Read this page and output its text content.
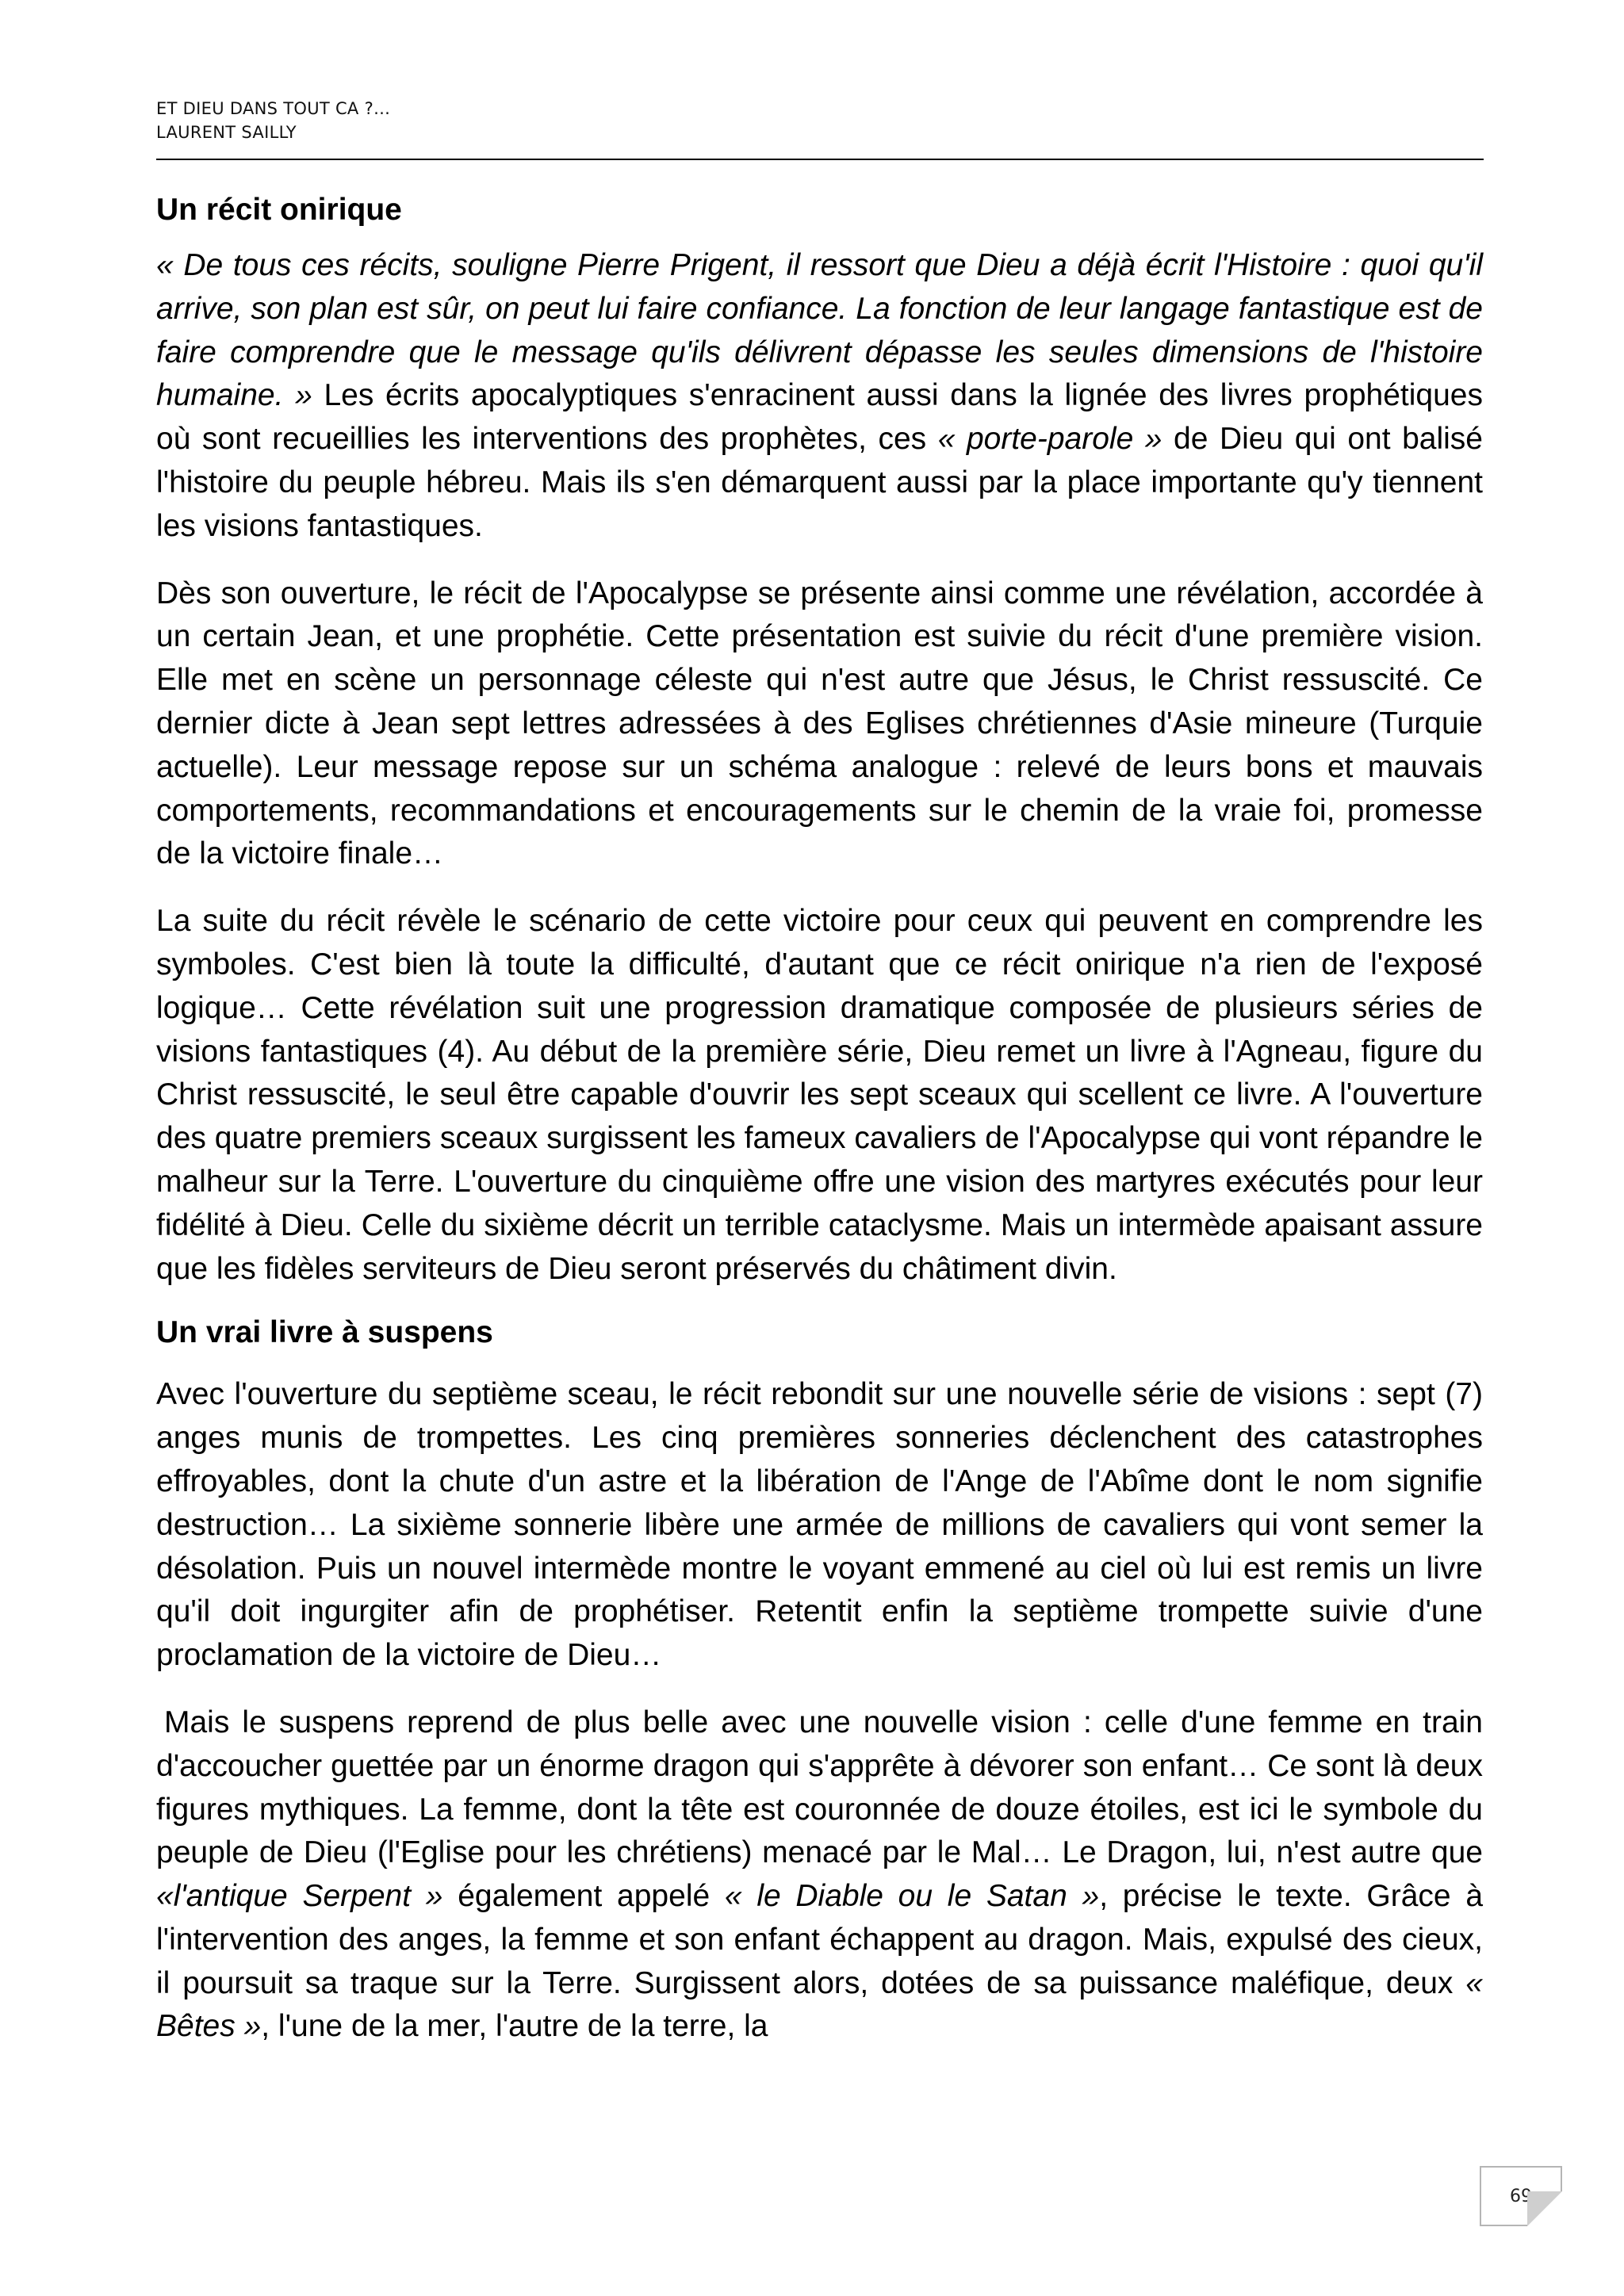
ET DIEU DANS TOUT CA ?…
LAURENT SAILLY
Un récit onirique

« De tous ces récits, souligne Pierre Prigent, il ressort que Dieu a déjà écrit l'Histoire : quoi qu'il arrive, son plan est sûr, on peut lui faire confiance. La fonction de leur langage fantastique est de faire comprendre que le message qu'ils délivrent dépasse les seules dimensions de l'histoire humaine. » Les écrits apocalyptiques s'enracinent aussi dans la lignée des livres prophétiques où sont recueillies les interventions des prophètes, ces « porte-parole » de Dieu qui ont balisé l'histoire du peuple hébreu. Mais ils s'en démarquent aussi par la place importante qu'y tiennent les visions fantastiques.

Dès son ouverture, le récit de l'Apocalypse se présente ainsi comme une révélation, accordée à un certain Jean, et une prophétie. Cette présentation est suivie du récit d'une première vision. Elle met en scène un personnage céleste qui n'est autre que Jésus, le Christ ressuscité. Ce dernier dicte à Jean sept lettres adressées à des Eglises chrétiennes d'Asie mineure (Turquie actuelle). Leur message repose sur un schéma analogue : relevé de leurs bons et mauvais comportements, recommandations et encouragements sur le chemin de la vraie foi, promesse de la victoire finale…

La suite du récit révèle le scénario de cette victoire pour ceux qui peuvent en comprendre les symboles. C'est bien là toute la difficulté, d'autant que ce récit onirique n'a rien de l'exposé logique… Cette révélation suit une progression dramatique composée de plusieurs séries de visions fantastiques (4). Au début de la première série, Dieu remet un livre à l'Agneau, figure du Christ ressuscité, le seul être capable d'ouvrir les sept sceaux qui scellent ce livre. A l'ouverture des quatre premiers sceaux surgissent les fameux cavaliers de l'Apocalypse qui vont répandre le malheur sur la Terre. L'ouverture du cinquième offre une vision des martyres exécutés pour leur fidélité à Dieu. Celle du sixième décrit un terrible cataclysme. Mais un intermède apaisant assure que les fidèles serviteurs de Dieu seront préservés du châtiment divin.

Un vrai livre à suspens

Avec l'ouverture du septième sceau, le récit rebondit sur une nouvelle série de visions : sept (7) anges munis de trompettes. Les cinq premières sonneries déclenchent des catastrophes effroyables, dont la chute d'un astre et la libération de l'Ange de l'Abîme dont le nom signifie destruction… La sixième sonnerie libère une armée de millions de cavaliers qui vont semer la désolation. Puis un nouvel intermède montre le voyant emmené au ciel où lui est remis un livre qu'il doit ingurgiter afin de prophétiser. Retentit enfin la septième trompette suivie d'une proclamation de la victoire de Dieu…

Mais le suspens reprend de plus belle avec une nouvelle vision : celle d'une femme en train d'accoucher guettée par un énorme dragon qui s'apprête à dévorer son enfant… Ce sont là deux figures mythiques. La femme, dont la tête est couronnée de douze étoiles, est ici le symbole du peuple de Dieu (l'Eglise pour les chrétiens) menacé par le Mal… Le Dragon, lui, n'est autre que «l'antique Serpent » également appelé « le Diable ou le Satan », précise le texte. Grâce à l'intervention des anges, la femme et son enfant échappent au dragon. Mais, expulsé des cieux, il poursuit sa traque sur la Terre. Surgissent alors, dotées de sa puissance maléfique, deux « Bêtes », l'une de la mer, l'autre de la terre, la

69
